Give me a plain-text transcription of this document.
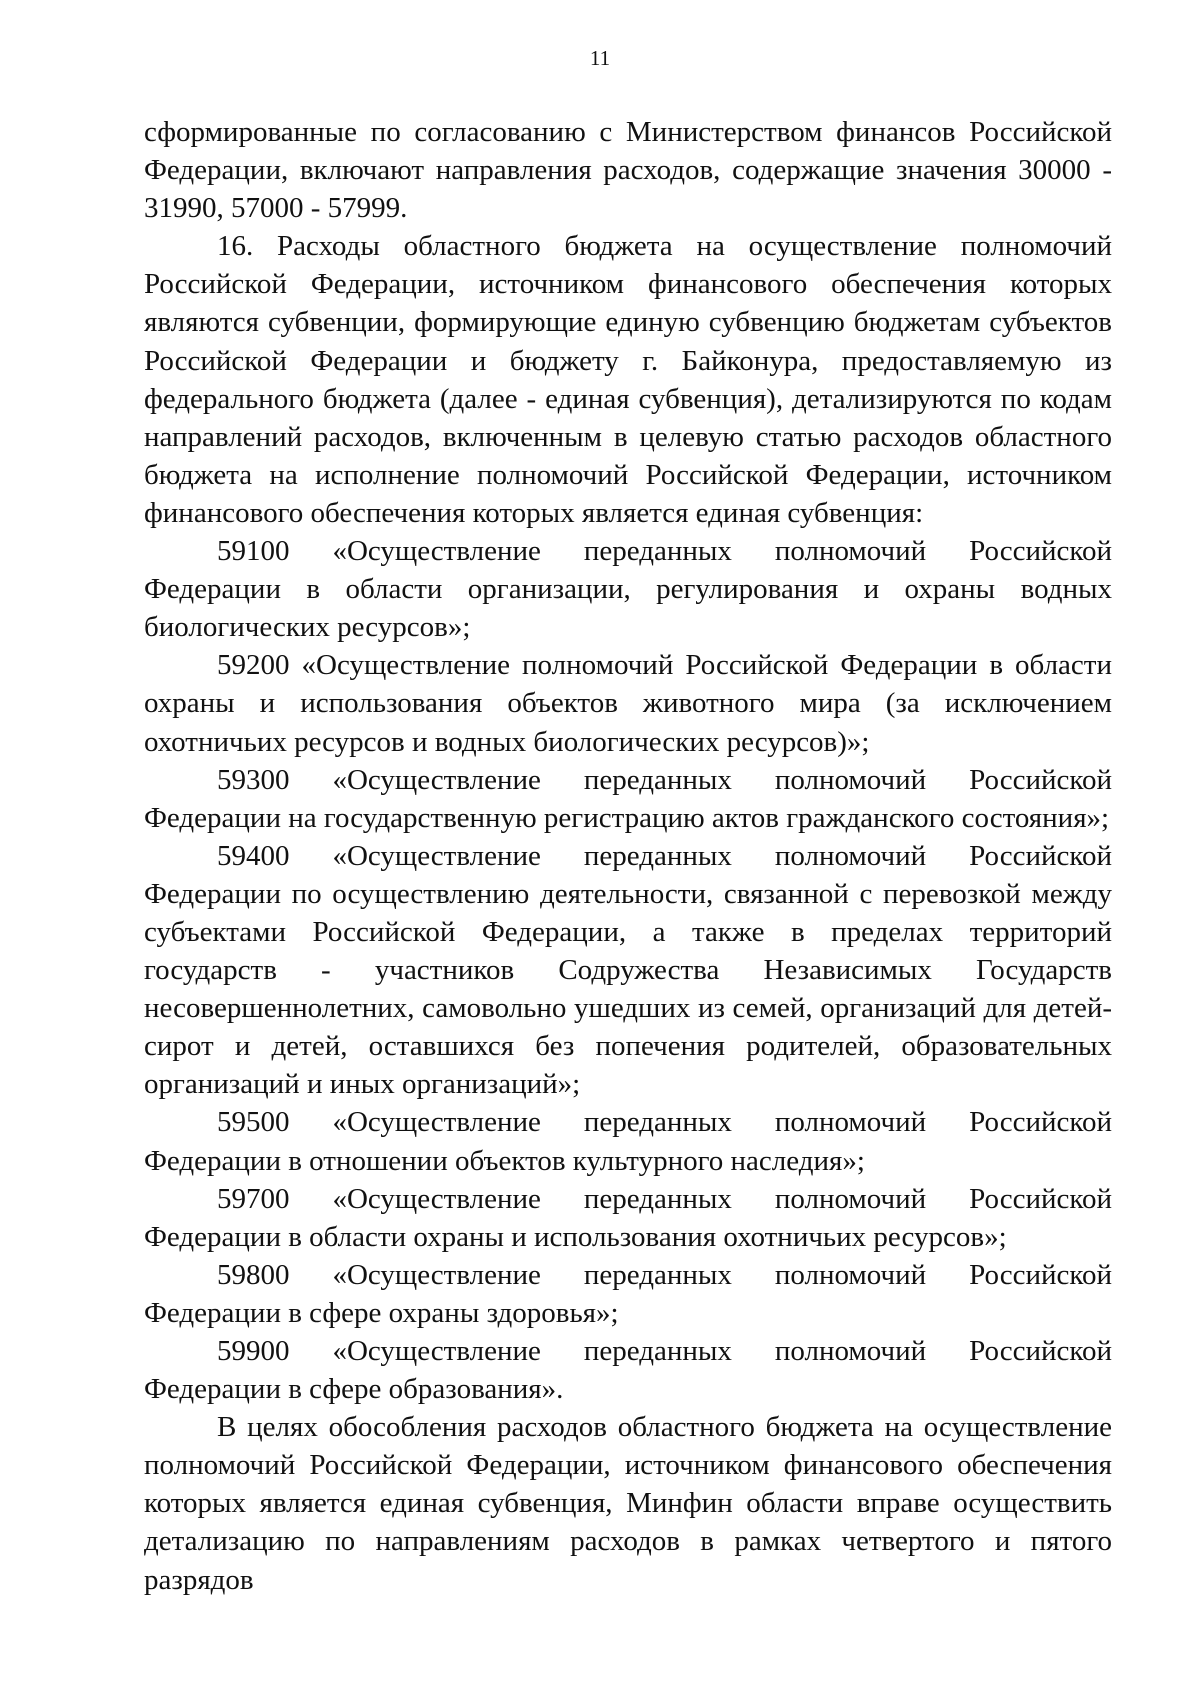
11

сформированные по согласованию с Министерством финансов Российской Федерации, включают направления расходов, содержащие значения 30000 - 31990, 57000 - 57999.

16. Расходы областного бюджета на осуществление полномочий Российской Федерации, источником финансового обеспечения которых являются субвенции, формирующие единую субвенцию бюджетам субъектов Российской Федерации и бюджету г. Байконура, предоставляемую из федерального бюджета (далее - единая субвенция), детализируются по кодам направлений расходов, включенным в целевую статью расходов областного бюджета на исполнение полномочий Российской Федерации, источником финансового обеспечения которых является единая субвенция:

59100 «Осуществление переданных полномочий Российской Федерации в области организации, регулирования и охраны водных биологических ресурсов»;

59200 «Осуществление полномочий Российской Федерации в области охраны и использования объектов животного мира (за исключением охотничьих ресурсов и водных биологических ресурсов)»;

59300 «Осуществление переданных полномочий Российской Федерации на государственную регистрацию актов гражданского состояния»;

59400 «Осуществление переданных полномочий Российской Федерации по осуществлению деятельности, связанной с перевозкой между субъектами Российской Федерации, а также в пределах территорий государств - участников Содружества Независимых Государств несовершеннолетних, самовольно ушедших из семей, организаций для детей-сирот и детей, оставшихся без попечения родителей, образовательных организаций и иных организаций»;

59500 «Осуществление переданных полномочий Российской Федерации в отношении объектов культурного наследия»;

59700 «Осуществление переданных полномочий Российской Федерации в области охраны и использования охотничьих ресурсов»;

59800 «Осуществление переданных полномочий Российской Федерации в сфере охраны здоровья»;

59900 «Осуществление переданных полномочий Российской Федерации в сфере образования».

В целях обособления расходов областного бюджета на осуществление полномочий Российской Федерации, источником финансового обеспечения которых является единая субвенция, Минфин области вправе осуществить детализацию по направлениям расходов в рамках четвертого и пятого разрядов
